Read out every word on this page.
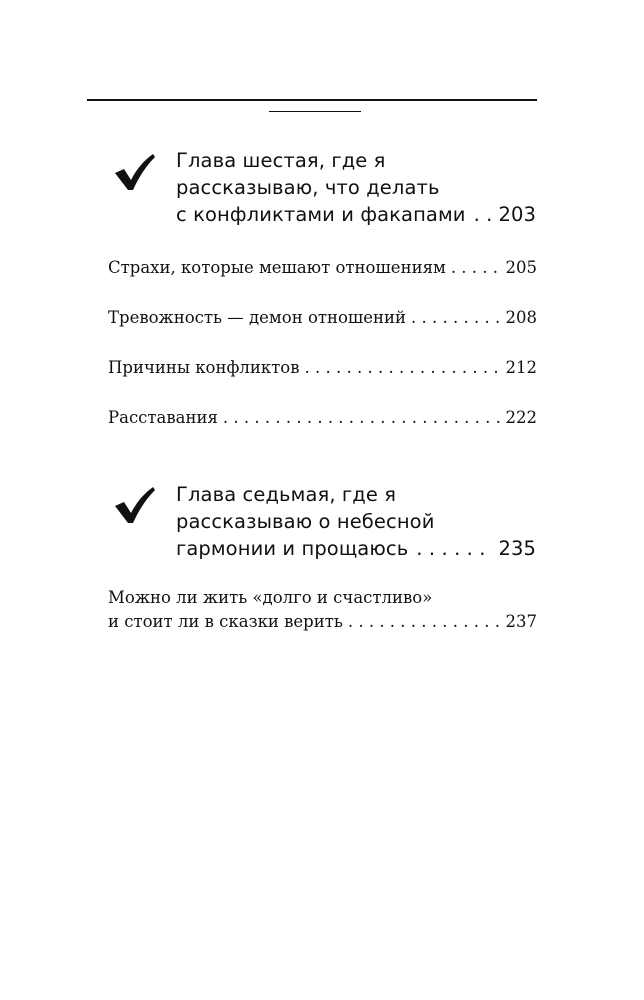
Глава шестая, где я
рассказываю, что делать
с конфликтами и факапами . . . 203
Страхи, которые мешают отношениям . . .	205
Тревожность — демон отношений . . .	208
Причины конфликтов . . .	212
Расставания . . .	222
Глава седьмая, где я
рассказываю о небесной
гармонии и прощаюсь . . .	235
Можно ли жить «долго и счастливо»
и стоит ли в сказки верить . . .	237
